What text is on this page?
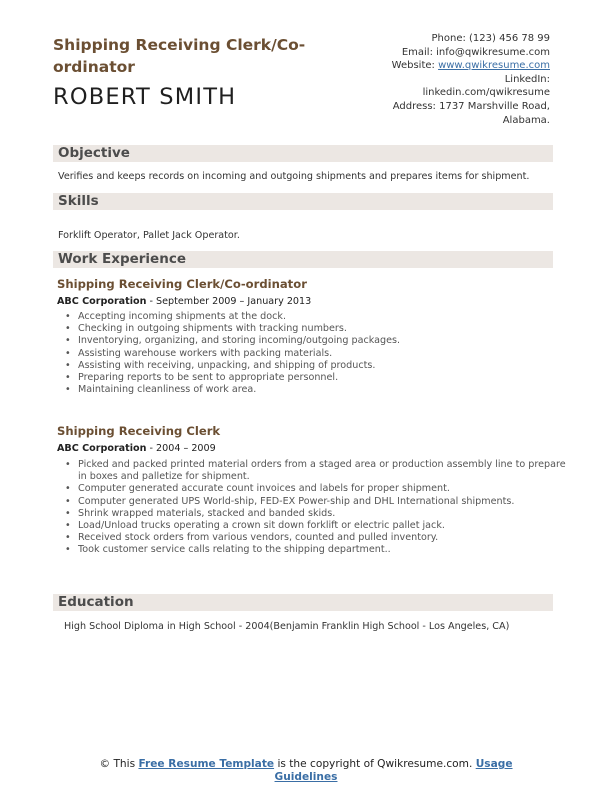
Shipping Receiving Clerk/Co-ordinator
ROBERT SMITH
Phone: (123) 456 78 99
Email: info@qwikresume.com
Website: www.qwikresume.com
LinkedIn:
linkedin.com/qwikresume
Address: 1737 Marshville Road,
Alabama.
Objective
Verifies and keeps records on incoming and outgoing shipments and prepares items for shipment.
Skills
Forklift Operator, Pallet Jack Operator.
Work Experience
Shipping Receiving Clerk/Co-ordinator
ABC Corporation - September 2009 – January 2013
• Accepting incoming shipments at the dock.
• Checking in outgoing shipments with tracking numbers.
• Inventorying, organizing, and storing incoming/outgoing packages.
• Assisting warehouse workers with packing materials.
• Assisting with receiving, unpacking, and shipping of products.
• Preparing reports to be sent to appropriate personnel.
• Maintaining cleanliness of work area.
Shipping Receiving Clerk
ABC Corporation - 2004 – 2009
• Picked and packed printed material orders from a staged area or production assembly line to prepare in boxes and palletize for shipment.
• Computer generated accurate count invoices and labels for proper shipment.
• Computer generated UPS World-ship, FED-EX Power-ship and DHL International shipments.
• Shrink wrapped materials, stacked and banded skids.
• Load/Unload trucks operating a crown sit down forklift or electric pallet jack.
• Received stock orders from various vendors, counted and pulled inventory.
• Took customer service calls relating to the shipping department..
Education
High School Diploma in High School - 2004(Benjamin Franklin High School - Los Angeles, CA)
© This Free Resume Template is the copyright of Qwikresume.com. Usage Guidelines
